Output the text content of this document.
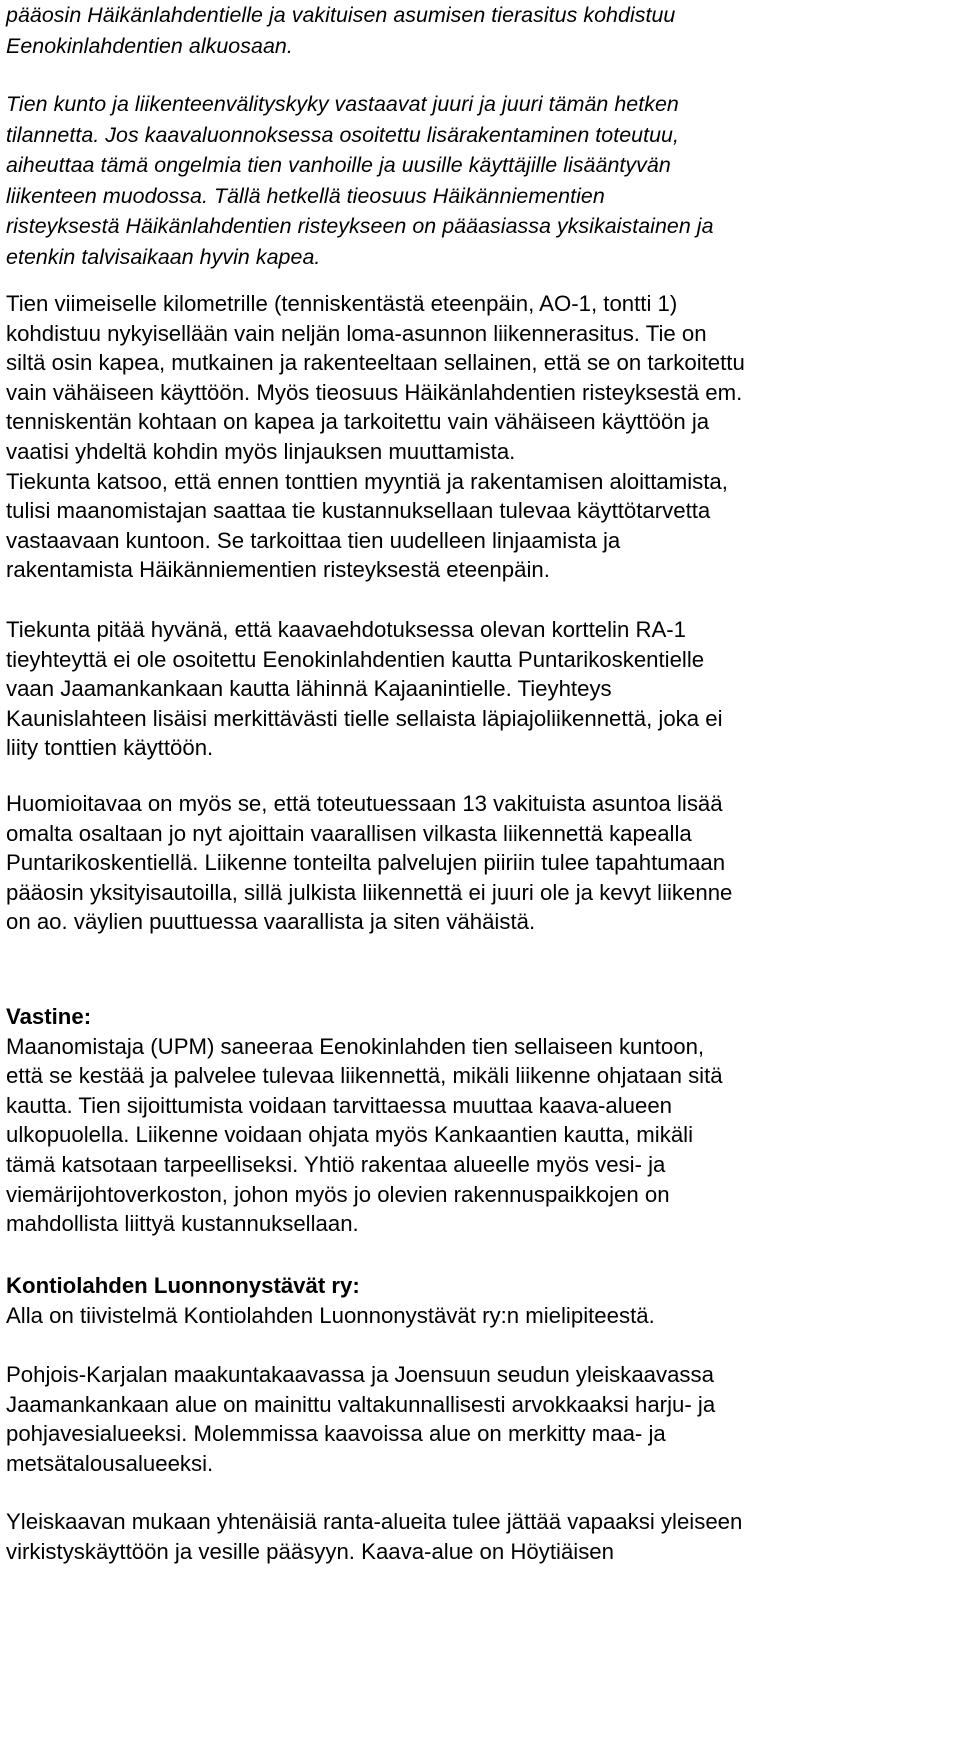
pääosin Häikänlahdentielle ja vakituisen asumisen tierasitus kohdistuu
Eenokinlahdentien alkuosaan.
Tien kunto ja liikenteenvälityskyky vastaavat juuri ja juuri tämän hetken
tilannetta. Jos kaavaluonnoksessa osoitettu lisärakentaminen toteutuu,
aiheuttaa tämä ongelmia tien vanhoille ja uusille käyttäjille lisääntyvän
liikenteen muodossa. Tällä hetkellä tieosuus Häikänniementien
risteyksestä Häikänlahdentien risteykseen on pääasiassa yksikaistainen ja
etenkin talvisaikaan hyvin kapea.
Tien viimeiselle kilometrille (tenniskentästä eteenpäin, AO-1, tontti 1)
kohdistuu nykyisellään vain neljän loma-asunnon liikennerasitus. Tie on
siltä osin kapea, mutkainen ja rakenteeltaan sellainen, että se on tarkoitettu
vain vähäiseen käyttöön. Myös tieosuus Häikänlahdentien risteyksestä em.
tenniskentän kohtaan on kapea ja tarkoitettu vain vähäiseen käyttöön ja
vaatisi yhdeltä kohdin myös linjauksen muuttamista.
Tiekunta katsoo, että ennen tonttien myyntiä ja rakentamisen aloittamista,
tulisi maanomistajan saattaa tie kustannuksellaan tulevaa käyttötarvetta
vastaavaan kuntoon. Se tarkoittaa tien uudelleen linjaamista ja
rakentamista Häikänniementien risteyksestä eteenpäin.
Tiekunta pitää hyvänä, että kaavaehdotuksessa olevan korttelin RA-1
tieyhteyttä ei ole osoitettu Eenokinlahdentien kautta Puntarikoskentielle
vaan Jaamankankaan kautta lähinnä Kajaanintielle. Tieyhteys
Kaunislahteen lisäisi merkittävästi tielle sellaista läpiajoliikennettä, joka ei
liity tonttien käyttöön.
Huomioitavaa on myös se, että toteutuessaan 13 vakituista asuntoa lisää
omalta osaltaan jo nyt ajoittain vaarallisen vilkasta liikennettä kapealla
Puntarikoskentiellä. Liikenne tonteilta palvelujen piiriin tulee tapahtumaan
pääosin yksityisautoilla, sillä julkista liikennettä ei juuri ole ja kevyt liikenne
on ao. väylien puuttuessa vaarallista ja siten vähäistä.
Vastine:
Maanomistaja (UPM) saneeraa Eenokinlahden tien sellaiseen kuntoon,
että se kestää ja palvelee tulevaa liikennettä, mikäli liikenne ohjataan sitä
kautta. Tien sijoittumista voidaan tarvittaessa muuttaa kaava-alueen
ulkopuolella. Liikenne voidaan ohjata myös Kankaantien kautta, mikäli
tämä katsotaan tarpeelliseksi. Yhtiö rakentaa alueelle myös vesi- ja
viemärijohtoverkoston, johon myös jo olevien rakennuspaikkojen on
mahdollista liittyä kustannuksellaan.
Kontiolahden Luonnonystävät ry:
Alla on tiivistelmä Kontiolahden Luonnonystävät ry:n mielipiteestä.
Pohjois-Karjalan maakuntakaavassa ja Joensuun seudun yleiskaavassa
Jaamankankaan alue on mainittu valtakunnallisesti arvokkaaksi harju- ja
pohjavesialueeksi. Molemmissa kaavoissa alue on merkitty maa- ja
metsätalousalueeksi.
Yleiskaavan mukaan yhtenäisiä ranta-alueita tulee jättää vapaaksi yleiseen
virkistyskäyttöön ja vesille pääsyyn. Kaava-alue on Höytiäisen
